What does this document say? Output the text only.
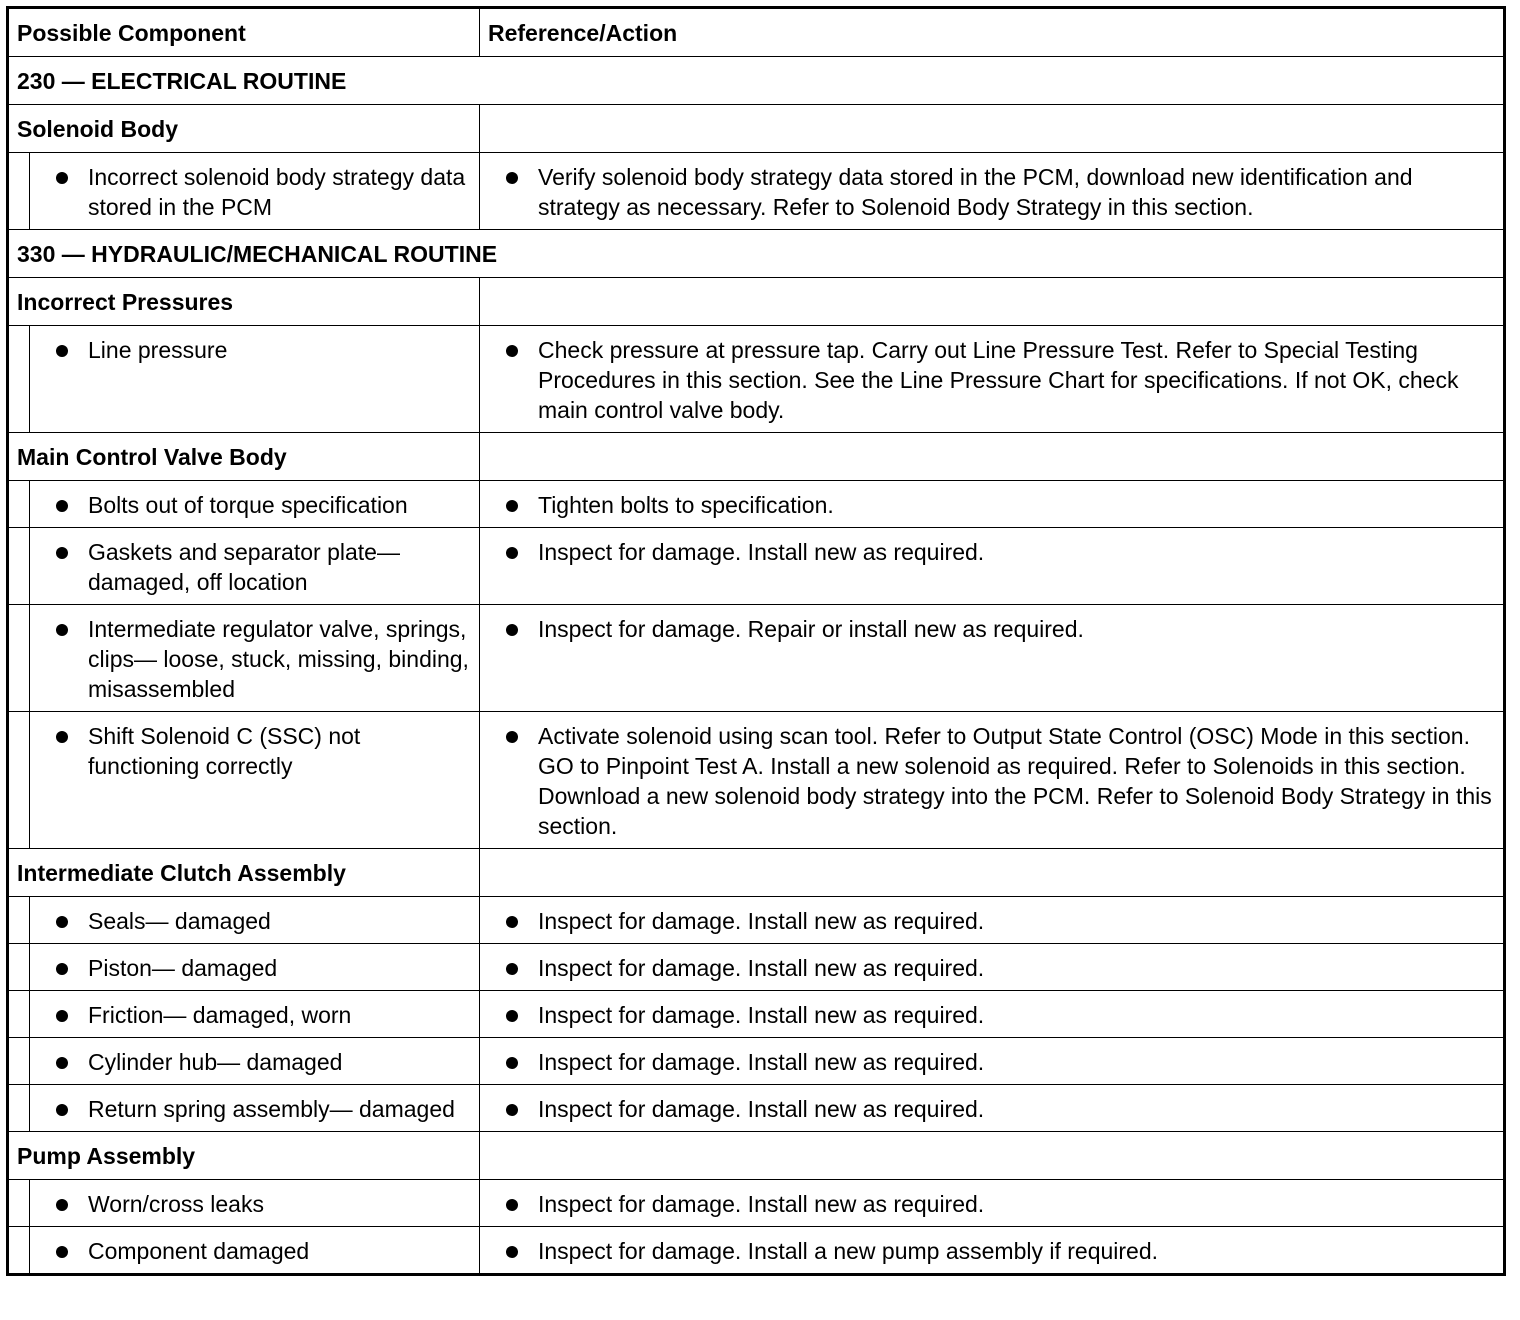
Possible Component		Reference/Action
230 — ELECTRICAL ROUTINE		
Solenoid Body		

	Incorrect solenoid body strategy data stored in the PCM	Verify solenoid body strategy data stored in the PCM, download new identification and strategy as necessary. Refer to Solenoid Body Strategy in this section.

330 — HYDRAULIC/MECHANICAL ROUTINE		
Incorrect Pressures		

	Line pressure	Check pressure at pressure tap. Carry out Line Pressure Test. Refer to Special Testing Procedures in this section. See the Line Pressure Chart for specifications. If not OK, check main control valve body.

Main Control Valve Body		

	Bolts out of torque specification	Tighten bolts to specification.

	Gaskets and separator plate— damaged, off location	Inspect for damage. Install new as required.

	Intermediate regulator valve, springs, clips— loose, stuck, missing, binding, misassembled	Inspect for damage. Repair or install new as required.

	Shift Solenoid C (SSC) not functioning correctly	Activate solenoid using scan tool. Refer to Output State Control (OSC) Mode in this section. GO to Pinpoint Test A. Install a new solenoid as required. Refer to Solenoids in this section. Download a new solenoid body strategy into the PCM. Refer to Solenoid Body Strategy in this section.

Intermediate Clutch Assembly		

	Seals— damaged	Inspect for damage. Install new as required.

	Piston— damaged	Inspect for damage. Install new as required.

	Friction— damaged, worn	Inspect for damage. Install new as required.

	Cylinder hub— damaged	Inspect for damage. Install new as required.

	Return spring assembly— damaged	Inspect for damage. Install new as required.

Pump Assembly		

	Worn/cross leaks	Inspect for damage. Install new as required.

	Component damaged	Inspect for damage. Install a new pump assembly if required.
